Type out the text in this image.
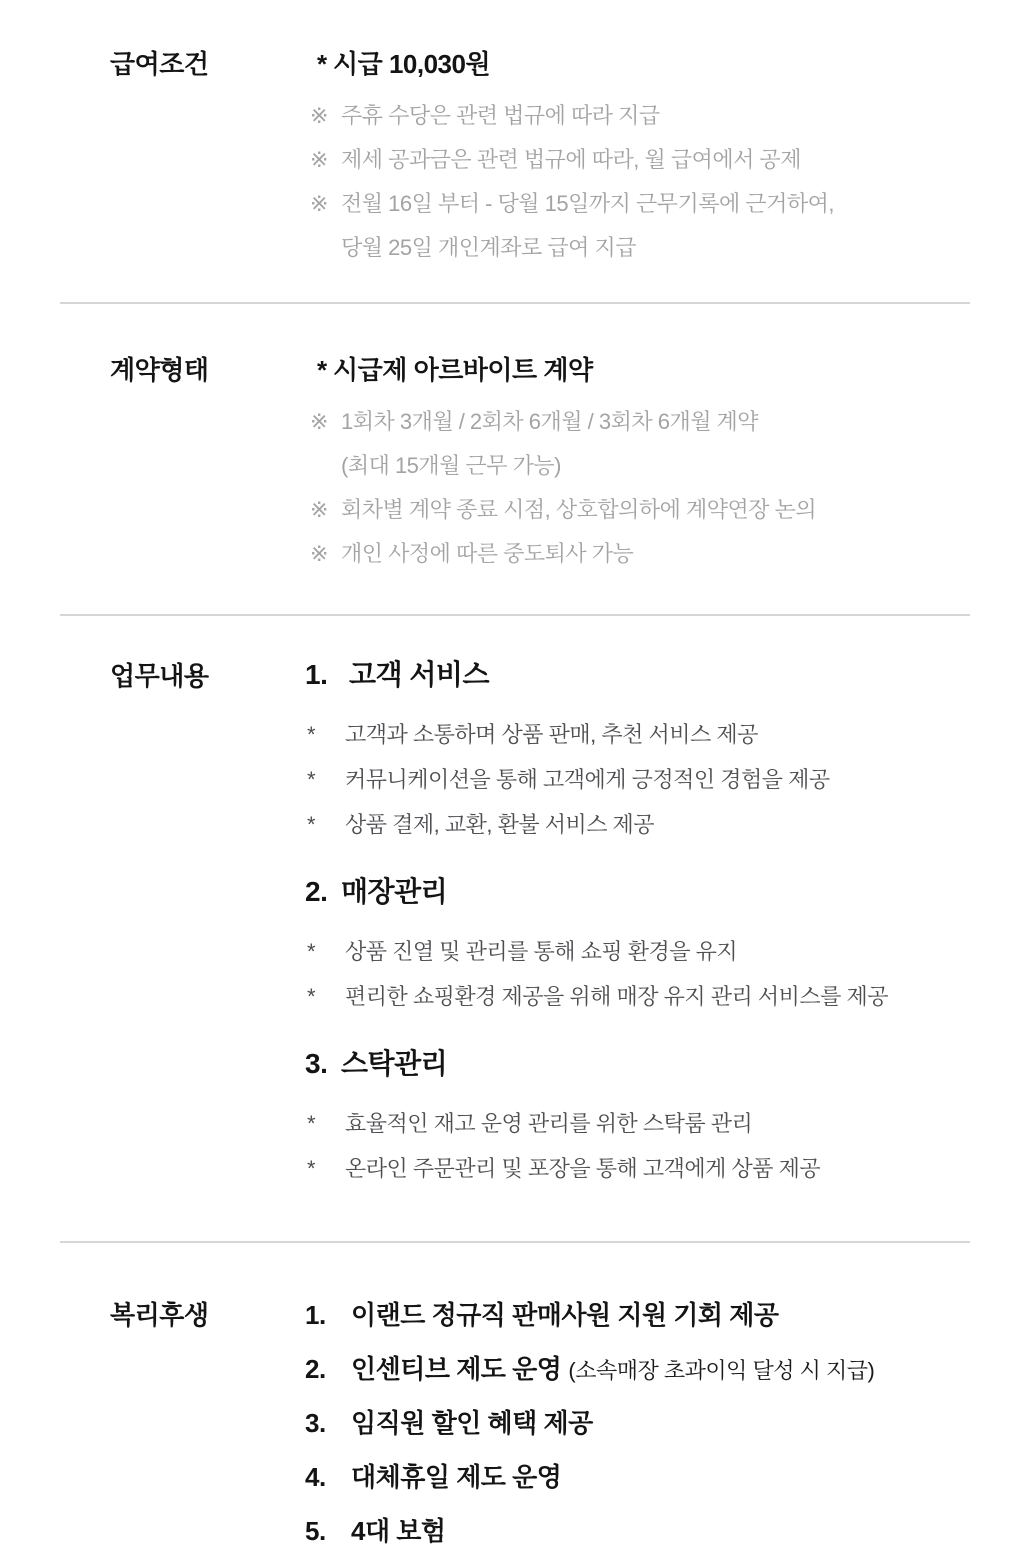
급여조건	* 시급 10,030원
※ 주휴 수당은 관련 법규에 따라 지급
※ 제세 공과금은 관련 법규에 따라, 월 급여에서 공제
※ 전월 16일 부터 - 당월 15일까지 근무기록에 근거하여,
당월 25일 개인계좌로 급여 지급
계약형태	* 시급제 아르바이트 계약
※ 1회차 3개월 / 2회차 6개월 / 3회차 6개월 계약
(최대 15개월 근무 가능)
※ 회차별 계약 종료 시점, 상호합의하에 계약연장 논의
※ 개인 사정에 따른 중도퇴사 가능
업무내용	1. 고객 서비스
*	고객과 소통하며 상품 판매, 추천 서비스 제공
*	커뮤니케이션을 통해 고객에게 긍정적인 경험을 제공
*	상품 결제, 교환, 환불 서비스 제공
2. 매장관리
*	상품 진열 및 관리를 통해 쇼핑 환경을 유지
*	편리한 쇼핑환경 제공을 위해 매장 유지 관리 서비스를 제공
3. 스탁관리
*	효율적인 재고 운영 관리를 위한 스탁룸 관리
*	온라인 주문관리 및 포장을 통해 고객에게 상품 제공
복리후생	1. 이랜드 정규직 판매사원 지원 기회 제공
2. 인센티브 제도 운영 (소속매장 초과이익 달성 시 지급)
3. 임직원 할인 혜택 제공
4. 대체휴일 제도 운영
5. 4대 보험
